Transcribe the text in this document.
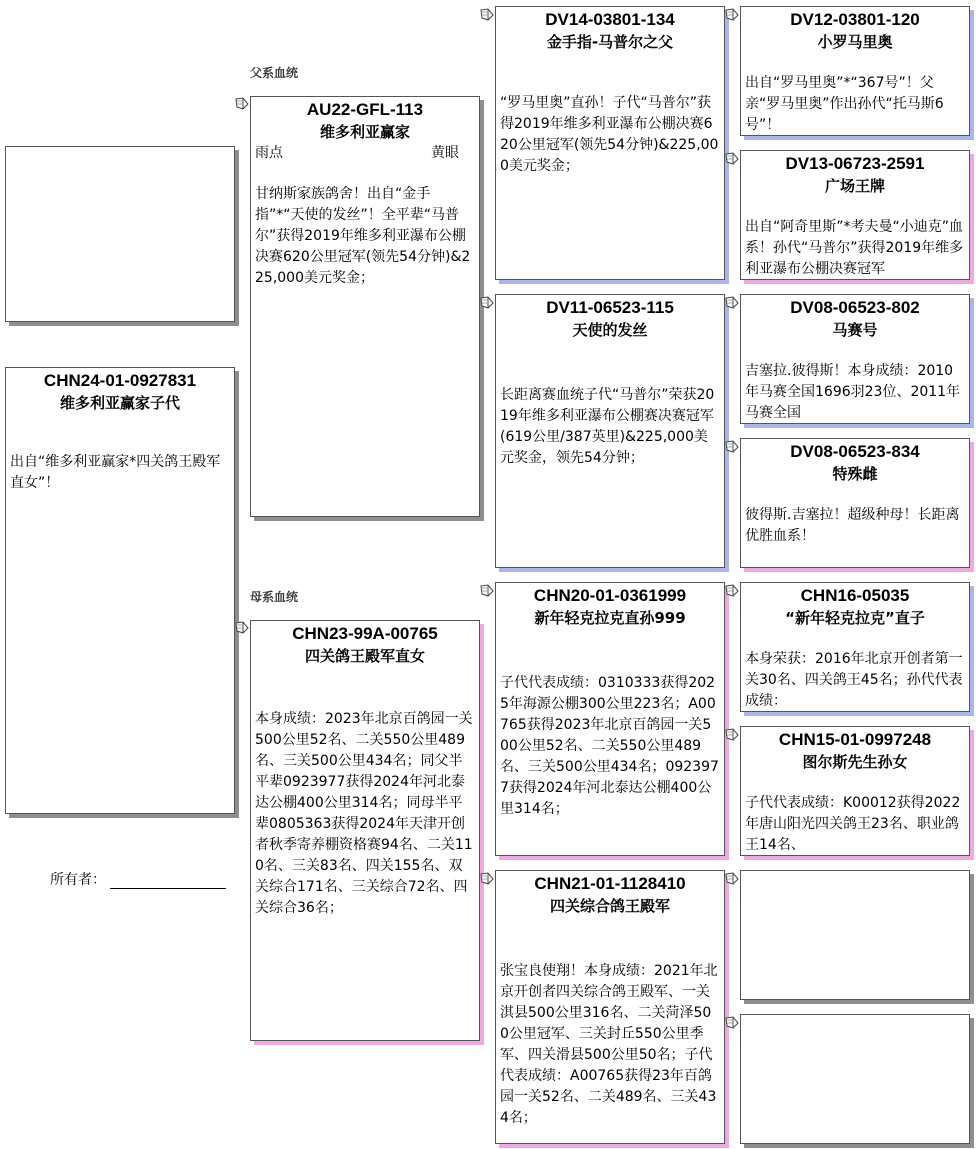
父系血统
母系血统
CHN24-01-0927831
维多利亚赢家子代
出自“维多利亚赢家*四关鸽王殿军直女”！
所有者：
AU22-GFL-113
维多利亚赢家
雨点	黄眼
甘纳斯家族鸽舍！出自“金手指”*“天使的发丝”！全平辈“马普尔”获得2019年维多利亚瀑布公棚决赛620公里冠军(领先54分钟)&225,000美元奖金；
CHN23-99A-00765
四关鸽王殿军直女
本身成绩：2023年北京百鸽园一关500公里52名、二关550公里489名、三关500公里434名；同父半平辈0923977获得2024年河北泰达公棚400公里314名；同母半平辈0805363获得2024年天津开创者秋季寄养棚资格赛94名、二关110名、三关83名、四关155名、双关综合171名、三关综合72名、四关综合36名；
DV14-03801-134
金手指-马普尔之父
“罗马里奥”直孙！子代“马普尔”获得2019年维多利亚瀑布公棚决赛620公里冠军(领先54分钟)&225,000美元奖金；
DV11-06523-115
天使的发丝
长距离赛血统子代“马普尔”荣获2019年维多利亚瀑布公棚赛决赛冠军(619公里/387英里)&225,000美元奖金，领先54分钟；
CHN20-01-0361999
新年轻克拉克直孙999
子代代表成绩：0310333获得2025年海源公棚300公里223名；A00765获得2023年北京百鸽园一关500公里52名、二关550公里489名、三关500公里434名；0923977获得2024年河北泰达公棚400公里314名；
CHN21-01-1128410
四关综合鸽王殿军
张宝良使翔！本身成绩：2021年北京开创者四关综合鸽王殿军、一关淇县500公里316名、二关菏泽500公里冠军、三关封丘550公里季军、四关滑县500公里50名；子代代表成绩：A00765获得23年百鸽园一关52名、二关489名、三关434名；
DV12-03801-120
小罗马里奥
出自“罗马里奥”*“367号”！父亲“罗马里奥”作出孙代“托马斯6号”！
DV13-06723-2591
广场王牌
出自“阿奇里斯”*考夫曼“小迪克”血系！孙代“马普尔”获得2019年维多利亚瀑布公棚决赛冠军
DV08-06523-802
马赛号
吉塞拉.彼得斯！本身成绩：2010年马赛全国1696羽23位、2011年马赛全国
DV08-06523-834
特殊雌
彼得斯.吉塞拉！超级种母！长距离优胜血系！
CHN16-05035
“新年轻克拉克”直子
本身荣获：2016年北京开创者第一关30名、四关鸽王45名；孙代代表成绩：
CHN15-01-0997248
图尔斯先生孙女
子代代表成绩：K00012获得2022年唐山阳光四关鸽王23名、职业鸽王14名、
